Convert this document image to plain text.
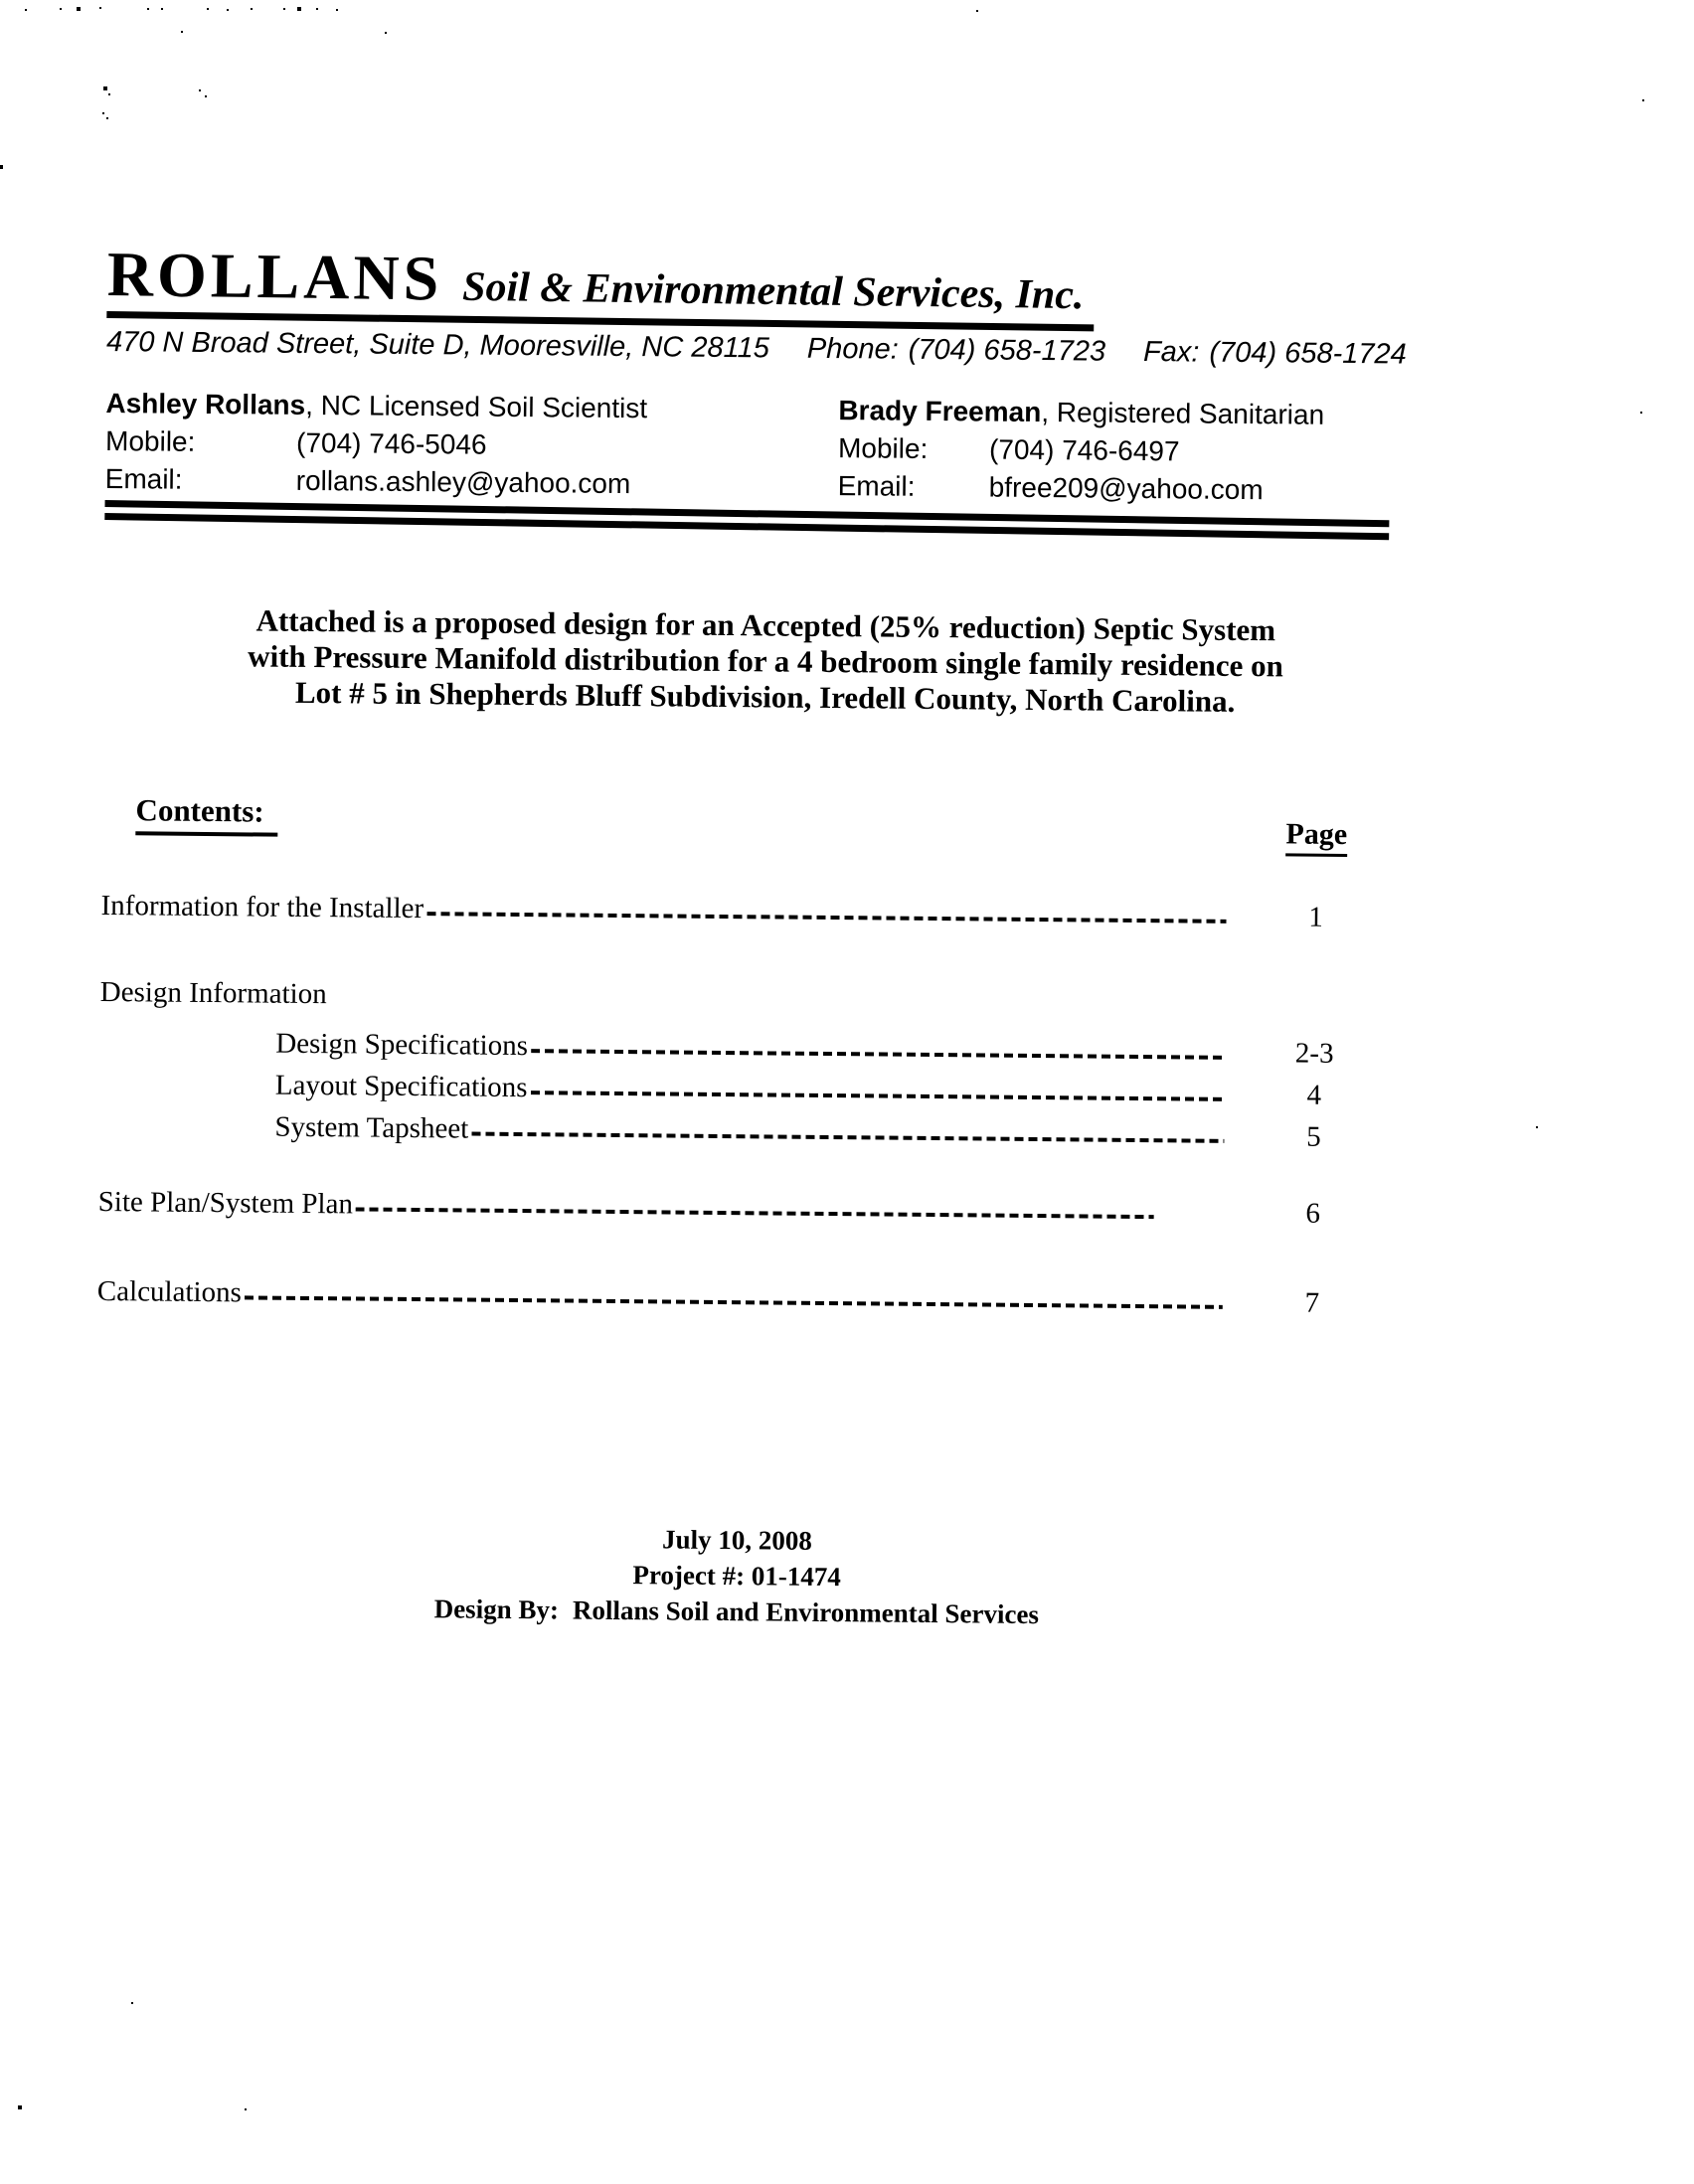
ROLLANS Soil & Environmental Services, Inc.
470 N Broad Street, Suite D, Mooresville, NC 28115 Phone: (704) 658-1723 Fax: (704) 658-1724
Ashley Rollans, NC Licensed Soil Scientist
Mobile:	(704) 746-5046
Email:	rollans.ashley@yahoo.com
Brady Freeman, Registered Sanitarian
Mobile: (704) 746-6497
Email:	bfree209@yahoo.com
Attached is a proposed design for an Accepted (25% reduction) Septic System
with Pressure Manifold distribution for a 4 bedroom single family residence on
Lot # 5 in Shepherds Bluff Subdivision, Iredell County, North Carolina.
Contents:
Page
Information for the Installer	1
Design Information
Design Specifications	2-3
Layout Specifications	4
System Tapsheet	5
Site Plan/System Plan	6
Calculations	7
July 10, 2008
Project #: 01-1474
Design By: Rollans Soil and Environmental Services
